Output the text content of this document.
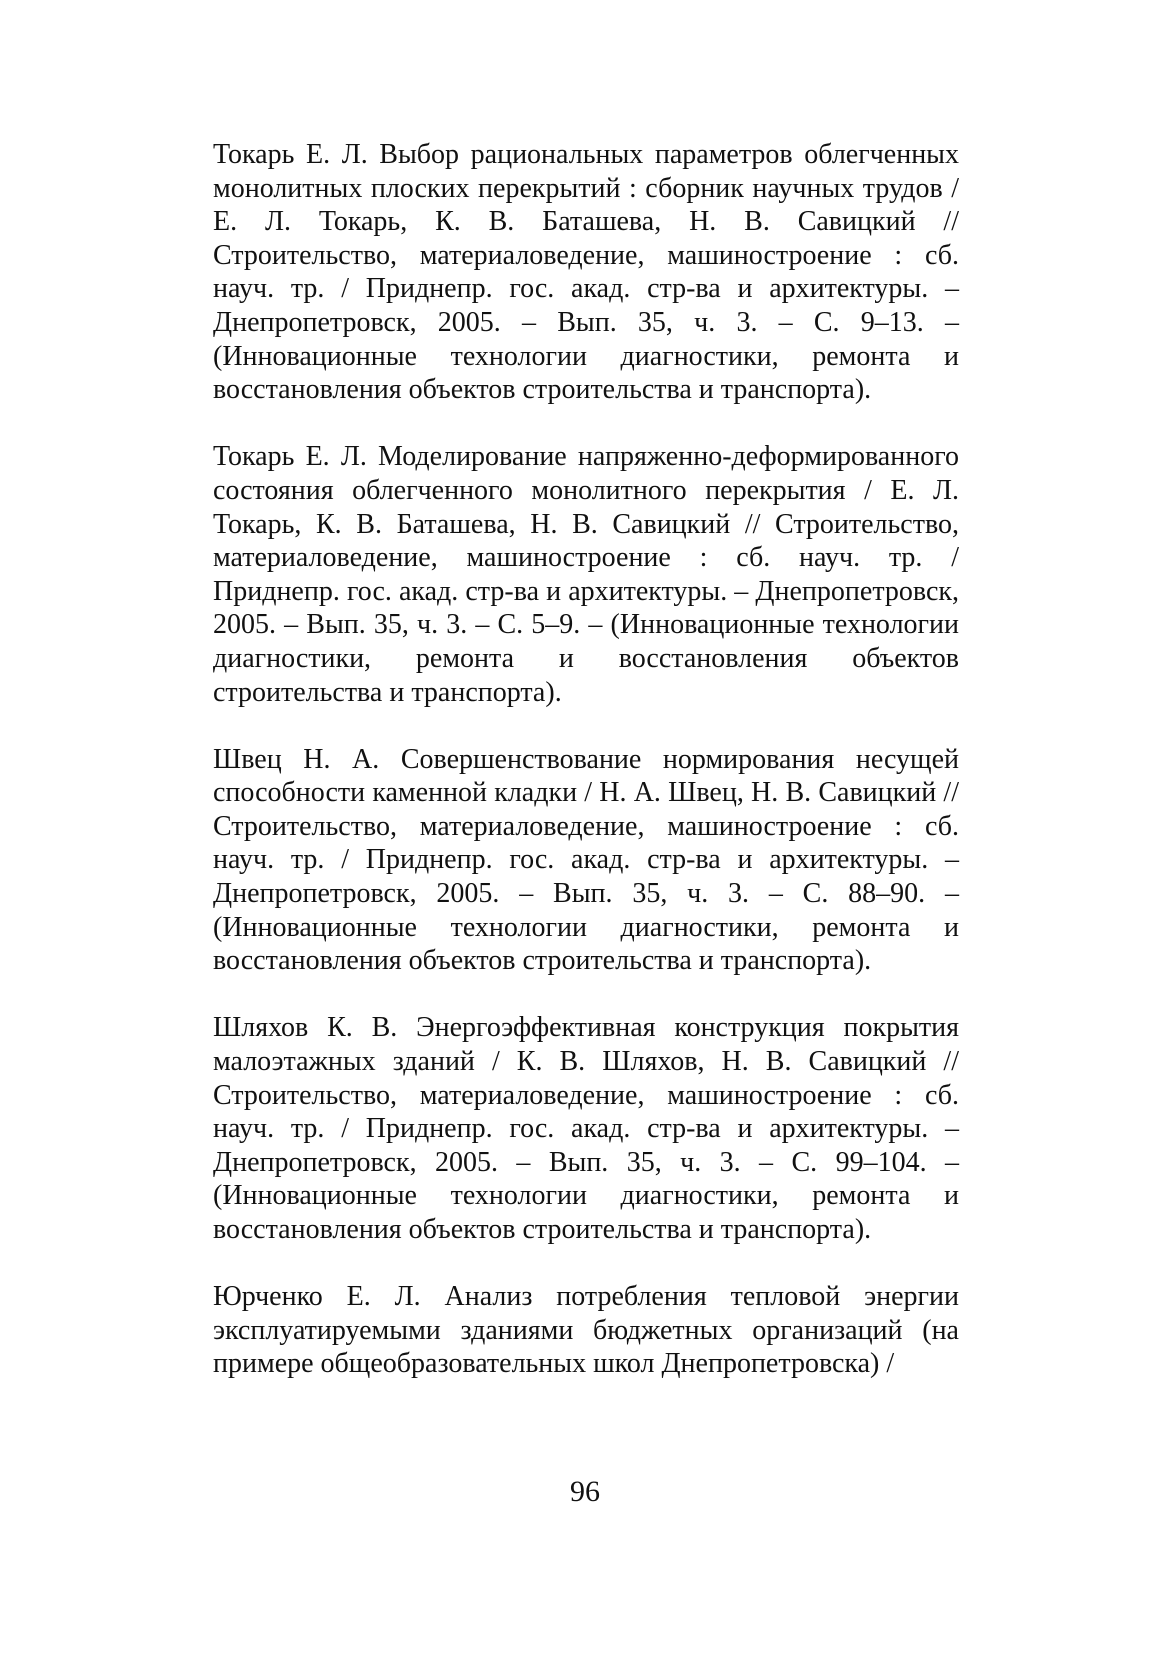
Токарь Е. Л. Выбор рациональных параметров облегченных монолитных плоских перекрытий : сборник научных трудов / Е. Л. Токарь, К. В. Баташева, Н. В. Савицкий // Строительство, материаловедение, машиностроение : сб. науч. тр. / Приднепр. гос. акад. стр-ва и архитектуры. – Днепропетровск, 2005. – Вып. 35, ч. 3. – С. 9–13. – (Инновационные технологии диагностики, ремонта и восстановления объектов строительства и транспорта).

Токарь Е. Л. Моделирование напряженно-деформированного состояния облегченного монолитного перекрытия / Е. Л. Токарь, К. В. Баташева, Н. В. Савицкий // Строительство, материаловедение, машиностроение : сб. науч. тр. / Приднепр. гос. акад. стр-ва и архитектуры. – Днепропетровск, 2005. – Вып. 35, ч. 3. – С. 5–9. – (Инновационные технологии диагностики, ремонта и восстановления объектов строительства и транспорта).

Швец Н. А. Совершенствование нормирования несущей способности каменной кладки / Н. А. Швец, Н. В. Савицкий // Строительство, материаловедение, машиностроение : сб. науч. тр. / Приднепр. гос. акад. стр-ва и архитектуры. – Днепропетровск, 2005. – Вып. 35, ч. 3. – С. 88–90. – (Инновационные технологии диагностики, ремонта и восстановления объектов строительства и транспорта).

Шляхов К. В. Энергоэффективная конструкция покрытия малоэтажных зданий / К. В. Шляхов, Н. В. Савицкий // Строительство, материаловедение, машиностроение : сб. науч. тр. / Приднепр. гос. акад. стр-ва и архитектуры. – Днепропетровск, 2005. – Вып. 35, ч. 3. – С. 99–104. – (Инновационные технологии диагностики, ремонта и восстановления объектов строительства и транспорта).

Юрченко Е. Л. Анализ потребления тепловой энергии эксплуатируемыми зданиями бюджетных организаций (на примере общеобразовательных школ Днепропетровска) /

96
